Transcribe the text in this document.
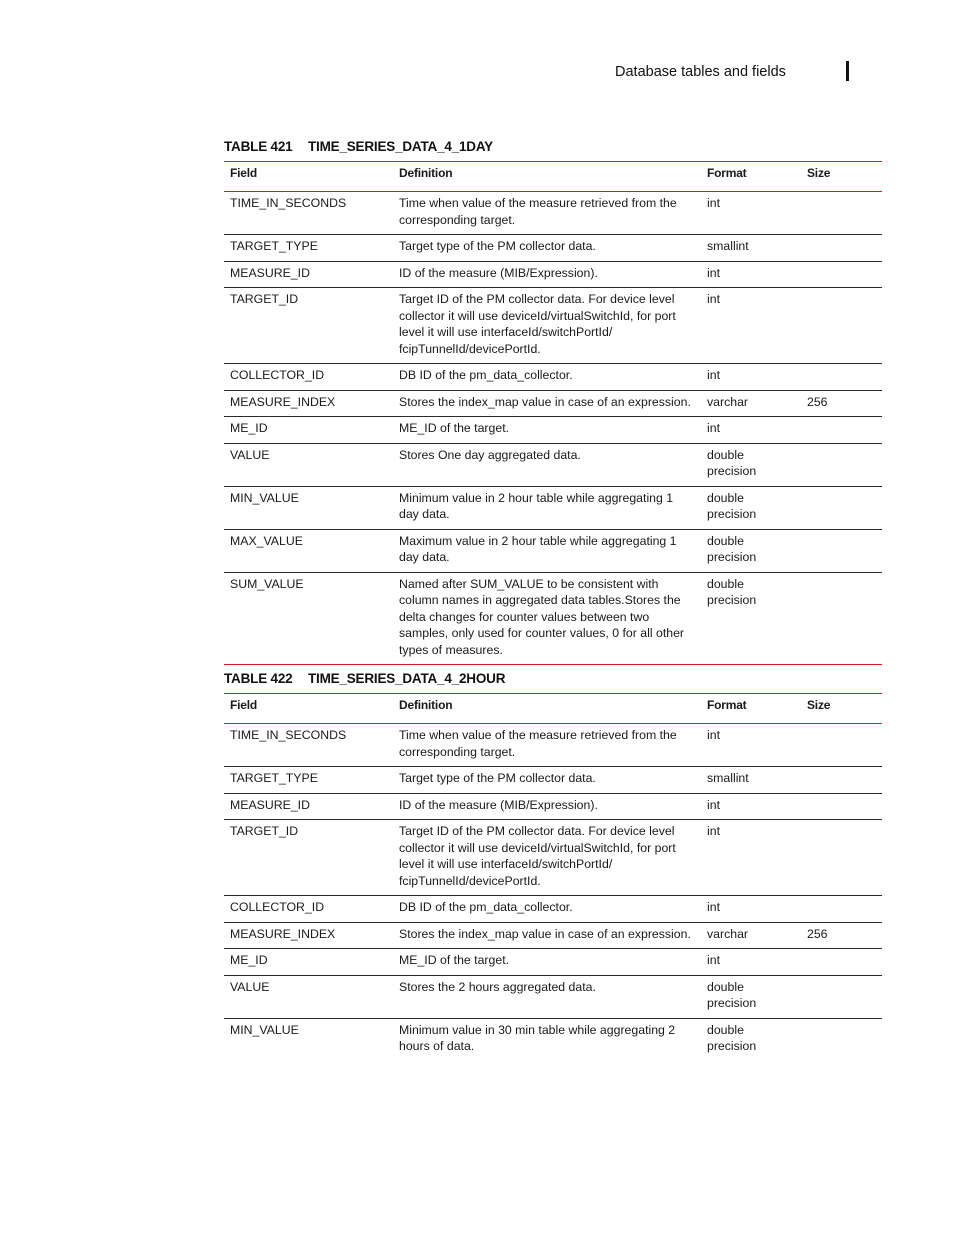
Database tables and fields
TABLE 421 TIME_SERIES_DATA_4_1DAY
Field	Definition	Format	Size
TIME_IN_SECONDS	Time when value of the measure retrieved from the corresponding target.	int	
TARGET_TYPE	Target type of the PM collector data.	smallint	
MEASURE_ID	ID of the measure (MIB/Expression).	int	
TARGET_ID	Target ID of the PM collector data. For device level collector it will use deviceId/virtualSwitchId, for port level it will use interfaceId/switchPortId/ fcipTunnelId/devicePortId.	int	
COLLECTOR_ID	DB ID of the pm_data_collector.	int	
MEASURE_INDEX	Stores the index_map value in case of an expression.	varchar	256
ME_ID	ME_ID of the target.	int	
VALUE	Stores One day aggregated data.	double precision	
MIN_VALUE	Minimum value in 2 hour table while aggregating 1 day data.	double precision	
MAX_VALUE	Maximum value in 2 hour table while aggregating 1 day data.	double precision	
SUM_VALUE	Named after SUM_VALUE to be consistent with column names in aggregated data tables.Stores the delta changes for counter values between two samples, only used for counter values, 0 for all other types of measures.	double precision	
TABLE 422 TIME_SERIES_DATA_4_2HOUR
Field	Definition	Format	Size
TIME_IN_SECONDS	Time when value of the measure retrieved from the corresponding target.	int	
TARGET_TYPE	Target type of the PM collector data.	smallint	
MEASURE_ID	ID of the measure (MIB/Expression).	int	
TARGET_ID	Target ID of the PM collector data. For device level collector it will use deviceId/virtualSwitchId, for port level it will use interfaceId/switchPortId/ fcipTunnelId/devicePortId.	int	
COLLECTOR_ID	DB ID of the pm_data_collector.	int	
MEASURE_INDEX	Stores the index_map value in case of an expression.	varchar	256
ME_ID	ME_ID of the target.	int	
VALUE	Stores the 2 hours aggregated data.	double precision	
MIN_VALUE	Minimum value in 30 min table while aggregating 2 hours of data.	double precision	
